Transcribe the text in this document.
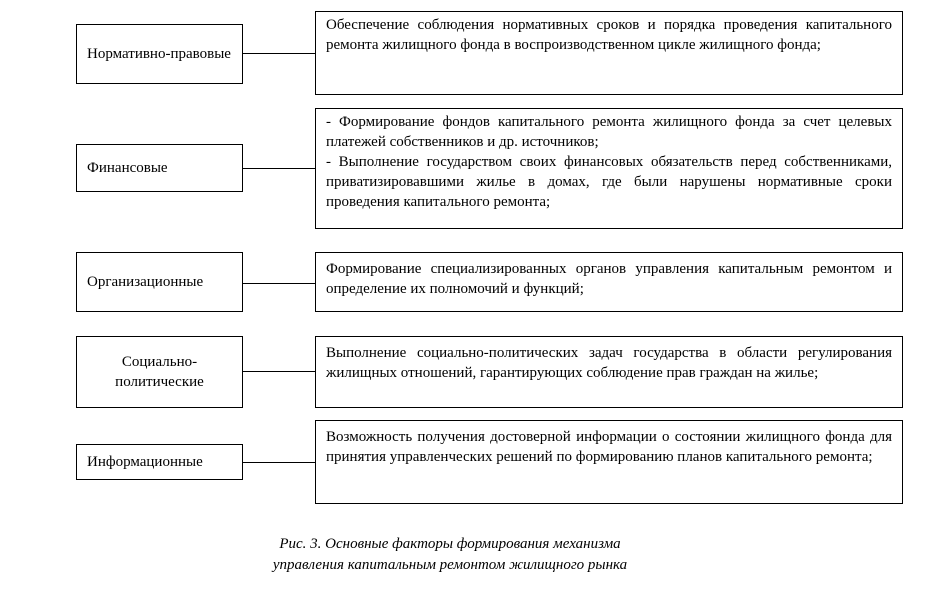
Нормативно-правовые

Обеспечение соблюдения нормативных сроков и порядка проведения капитального ремонта жилищного фонда в воспроизводственном цикле жилищного фонда;

Финансовые

- Формирование фондов капитального ремонта жилищного фонда за счет целевых платежей собственников и др. источников;

- Выполнение государством своих финансовых обязательств перед собственниками, приватизировавшими жилье в домах, где были нарушены нормативные сроки проведения капитального ремонта;

Организационные

Формирование специализированных органов управления капитальным ремонтом и определение их полномочий и функций;

Социально-политические

Выполнение социально-политических задач государства в области регулирования жилищных отношений, гарантирующих соблюдение прав граждан на жилье;

Информационные

Возможность получения достоверной информации о состоянии жилищного фонда для принятия управленческих решений по формированию планов капитального ремонта;

Рис. 3. Основные факторы формирования механизма
управления капитальным ремонтом жилищного рынка
